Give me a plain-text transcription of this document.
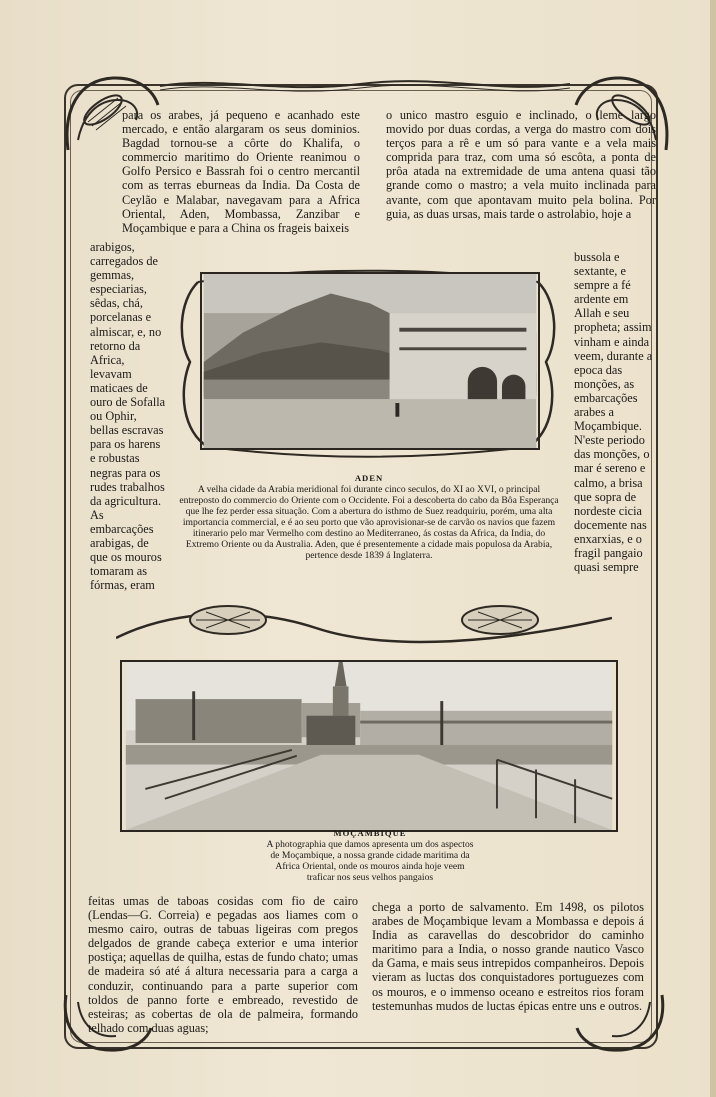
para os arabes, já pequeno e acanhado este mercado, e então alargaram os seus dominios. Bagdad tornou-se a côrte do Khalifa, o commercio maritimo do Oriente reanimou o Golfo Persico e Bassrah foi o centro mercantil com as terras eburneas da India. Da Costa de Ceylão e Malabar, navegavam para a Africa Oriental, Aden, Mombassa, Zanzibar e Moçambique e para a China os frageis baixeis

arabigos, carregados de gemmas, especiarias, sêdas, chá, porcelanas e almiscar, e, no retorno da Africa, levavam maticaes de ouro de Sofalla ou Ophir, bellas escravas para os harens e robustas negras para os rudes trabalhos da agricultura. As embarcações arabigas, de que os mouros tomaram as fórmas, eram

o unico mastro esguio e inclinado, o leme largo movido por duas cordas, a verga do mastro com dois terços para a rê e um só para vante e a vela mais comprida para traz, com uma só escôta, a ponta de prôa atada na extremidade de uma antena quasi tão grande como o mastro; a vela muito inclinada para avante, com que apontavam muito pela bolina. Por guia, as duas ursas, mais tarde o astrolabio, hoje a

bussola e sextante, e sempre a fé ardente em Allah e seu propheta; assim vinham e ainda veem, durante a epoca das monções, as embarcações arabes a Moçambique. N'este periodo das monções, o mar é sereno e calmo, a brisa que sopra de nordeste cicia docemente nas enxarxias, e o fragil pangaio quasi sempre

ADEN
A velha cidade da Arabia meridional foi durante cinco seculos, do XI ao XVI, o principal entreposto do commercio do Oriente com o Occidente. Foi a descoberta do cabo da Bôa Esperança que lhe fez perder essa situação. Com a abertura do isthmo de Suez readquiriu, porém, uma alta importancia commercial, e é ao seu porto que vão aprovisionar-se de carvão os navios que fazem itinerario pelo mar Vermelho com destino ao Mediterraneo, ás costas da Africa, da India, do Extremo Oriente ou da Australia. Aden, que é presentemente a cidade mais populosa da Arabia, pertence desde 1839 á Inglaterra.
MOÇAMBIQUE
A photographia que damos apresenta um dos aspectos de Moçambique, a nossa grande cidade maritima da Africa Oriental, onde os mouros ainda hoje veem traficar nos seus velhos pangaios

feitas umas de taboas cosidas com fio de cairo (Lendas—G. Correia) e pegadas aos liames com o mesmo cairo, outras de tabuas ligeiras com pregos delgados de grande cabeça exterior e uma interior postiça; aquellas de quilha, estas de fundo chato; umas de madeira só até á altura necessaria para a carga a conduzir, continuando para a parte superior com toldos de panno forte e embreado, revestido de esteiras; as cobertas de ola de palmeira, formando telhado com duas aguas;

chega a porto de salvamento. Em 1498, os pilotos arabes de Moçambique levam a Mombassa e depois á India as caravellas do descobridor do caminho maritimo para a India, o nosso grande nautico Vasco da Gama, e mais seus intrepidos companheiros. Depois vieram as luctas dos conquistadores portuguezes com os mouros, e o immenso oceano e estreitos rios foram testemunhas mudos de luctas épicas entre uns e outros.
